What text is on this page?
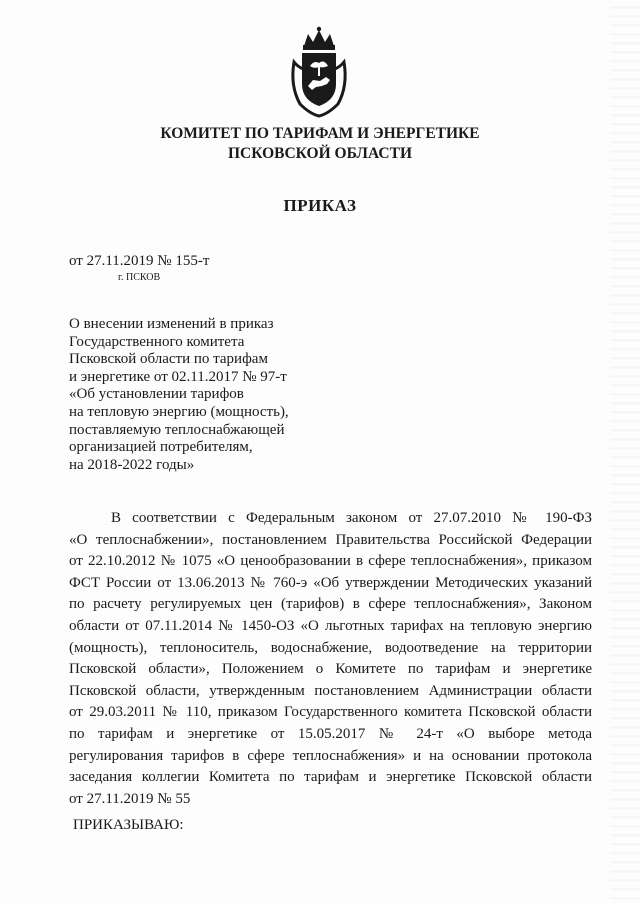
КОМИТЕТ ПО ТАРИФАМ И ЭНЕРГЕТИКЕ
ПСКОВСКОЙ ОБЛАСТИ
ПРИКАЗ
от 27.11.2019 № 155-т
г. ПСКОВ
О внесении изменений в приказ
Государственного комитета
Псковской области по тарифам
и энергетике от 02.11.2017 № 97-т
«Об установлении тарифов
на тепловую энергию (мощность),
поставляемую теплоснабжающей
организацией потребителям,
на 2018-2022 годы»
В соответствии с Федеральным законом от 27.07.2010 № 190-ФЗ
«О теплоснабжении», постановлением Правительства Российской Федерации
от 22.10.2012 № 1075 «О ценообразовании в сфере теплоснабжения», приказом
ФСТ России от 13.06.2013 № 760-э «Об утверждении Методических указаний
по расчету регулируемых цен (тарифов) в сфере теплоснабжения», Законом
области от 07.11.2014 № 1450-ОЗ «О льготных тарифах на тепловую энергию
(мощность), теплоноситель, водоснабжение, водоотведение на территории
Псковской области», Положением о Комитете по тарифам и энергетике
Псковской области, утвержденным постановлением Администрации области
от 29.03.2011 № 110, приказом Государственного комитета Псковской области
по тарифам и энергетике от 15.05.2017 № 24-т «О выборе метода
регулирования тарифов в сфере теплоснабжения» и на основании протокола
заседания коллегии Комитета по тарифам и энергетике Псковской области
от 27.11.2019 № 55
ПРИКАЗЫВАЮ:
